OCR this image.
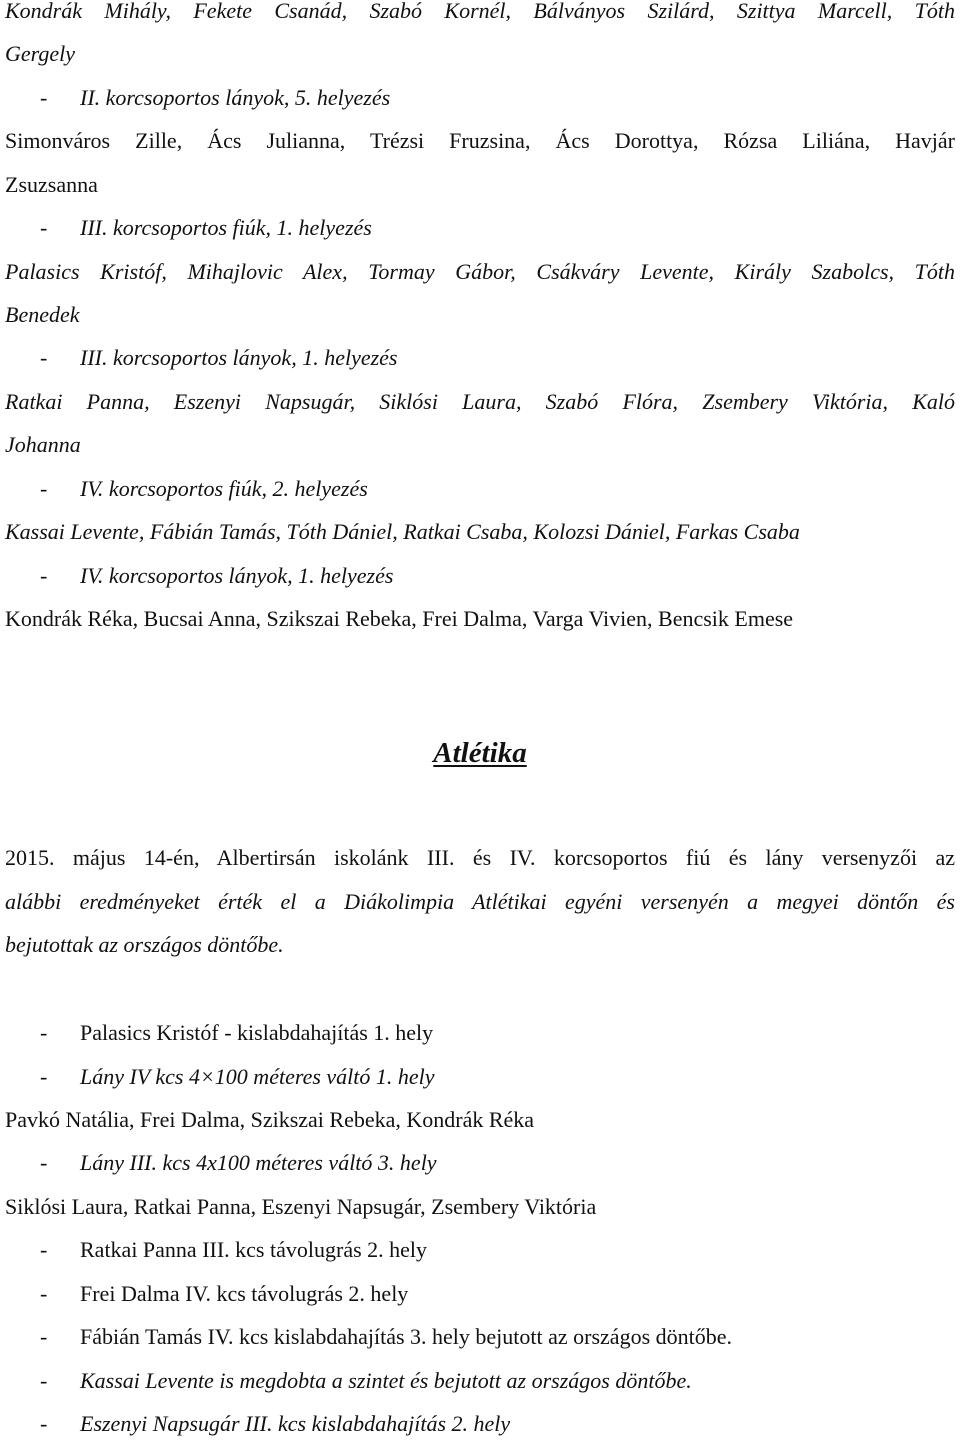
Kondrák Mihály, Fekete Csanád, Szabó Kornél, Bálványos Szilárd, Szittya Marcell, Tóth
Gergely
- II. korcsoportos lányok, 5. helyezés
Simonváros Zille, Ács Julianna, Trézsi Fruzsina, Ács Dorottya, Rózsa Liliána, Havjár
Zsuzsanna
- III. korcsoportos fiúk, 1. helyezés
Palasics Kristóf, Mihajlovic Alex, Tormay Gábor, Csákváry Levente, Király Szabolcs, Tóth
Benedek
- III. korcsoportos lányok, 1. helyezés
Ratkai Panna, Eszenyi Napsugár, Siklósi Laura, Szabó Flóra, Zsembery Viktória, Kaló
Johanna
- IV. korcsoportos fiúk, 2. helyezés
Kassai Levente, Fábián Tamás, Tóth Dániel, Ratkai Csaba, Kolozsi Dániel, Farkas Csaba
- IV. korcsoportos lányok, 1. helyezés
Kondrák Réka, Bucsai Anna, Szikszai Rebeka, Frei Dalma, Varga Vivien, Bencsik Emese
Atlétika
2015. május 14-én, Albertirsán iskolánk III. és IV. korcsoportos fiú és lány versenyzői az
alábbi eredményeket érték el a Diákolimpia Atlétikai egyéni versenyén a megyei döntőn és
bejutottak az országos döntőbe.
- Palasics Kristóf - kislabdahajítás 1. hely
- Lány IV kcs 4×100 méteres váltó 1. hely
Pavkó Natália, Frei Dalma, Szikszai Rebeka, Kondrák Réka
- Lány III. kcs 4x100 méteres váltó 3. hely
Siklósi Laura, Ratkai Panna, Eszenyi Napsugár, Zsembery Viktória
- Ratkai Panna III. kcs távolugrás 2. hely
- Frei Dalma IV. kcs távolugrás 2. hely
- Fábián Tamás IV. kcs kislabdahajítás 3. hely bejutott az országos döntőbe.
- Kassai Levente is megdobta a szintet és bejutott az országos döntőbe.
- Eszenyi Napsugár III. kcs kislabdahajítás 2. hely
